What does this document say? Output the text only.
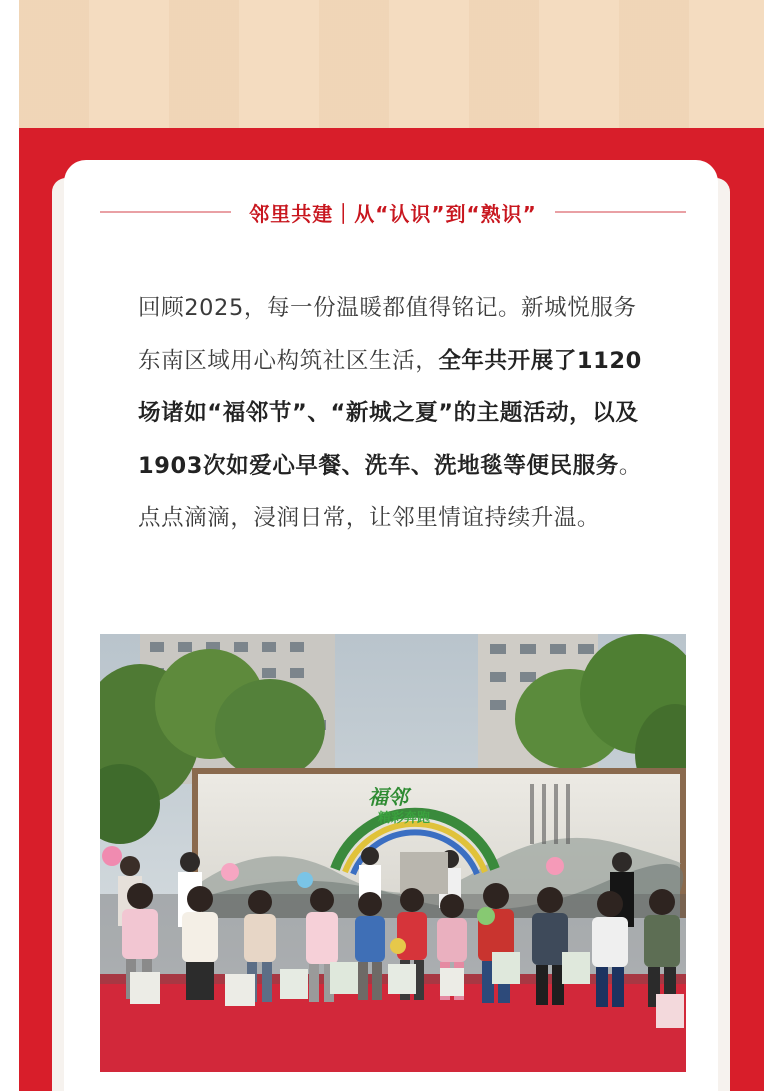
邻里共建｜从“认识”到“熟识”
回顾2025，每一份温暖都值得铭记。新城悦服务东南区域用心构筑社区生活，全年共开展了1120场诸如“福邻节”、“新城之夏”的主题活动，以及1903次如爱心早餐、洗车、洗地毯等便民服务。点点滴滴，浸润日常，让邻里情谊持续升温。
福邻
精彩奔跑
